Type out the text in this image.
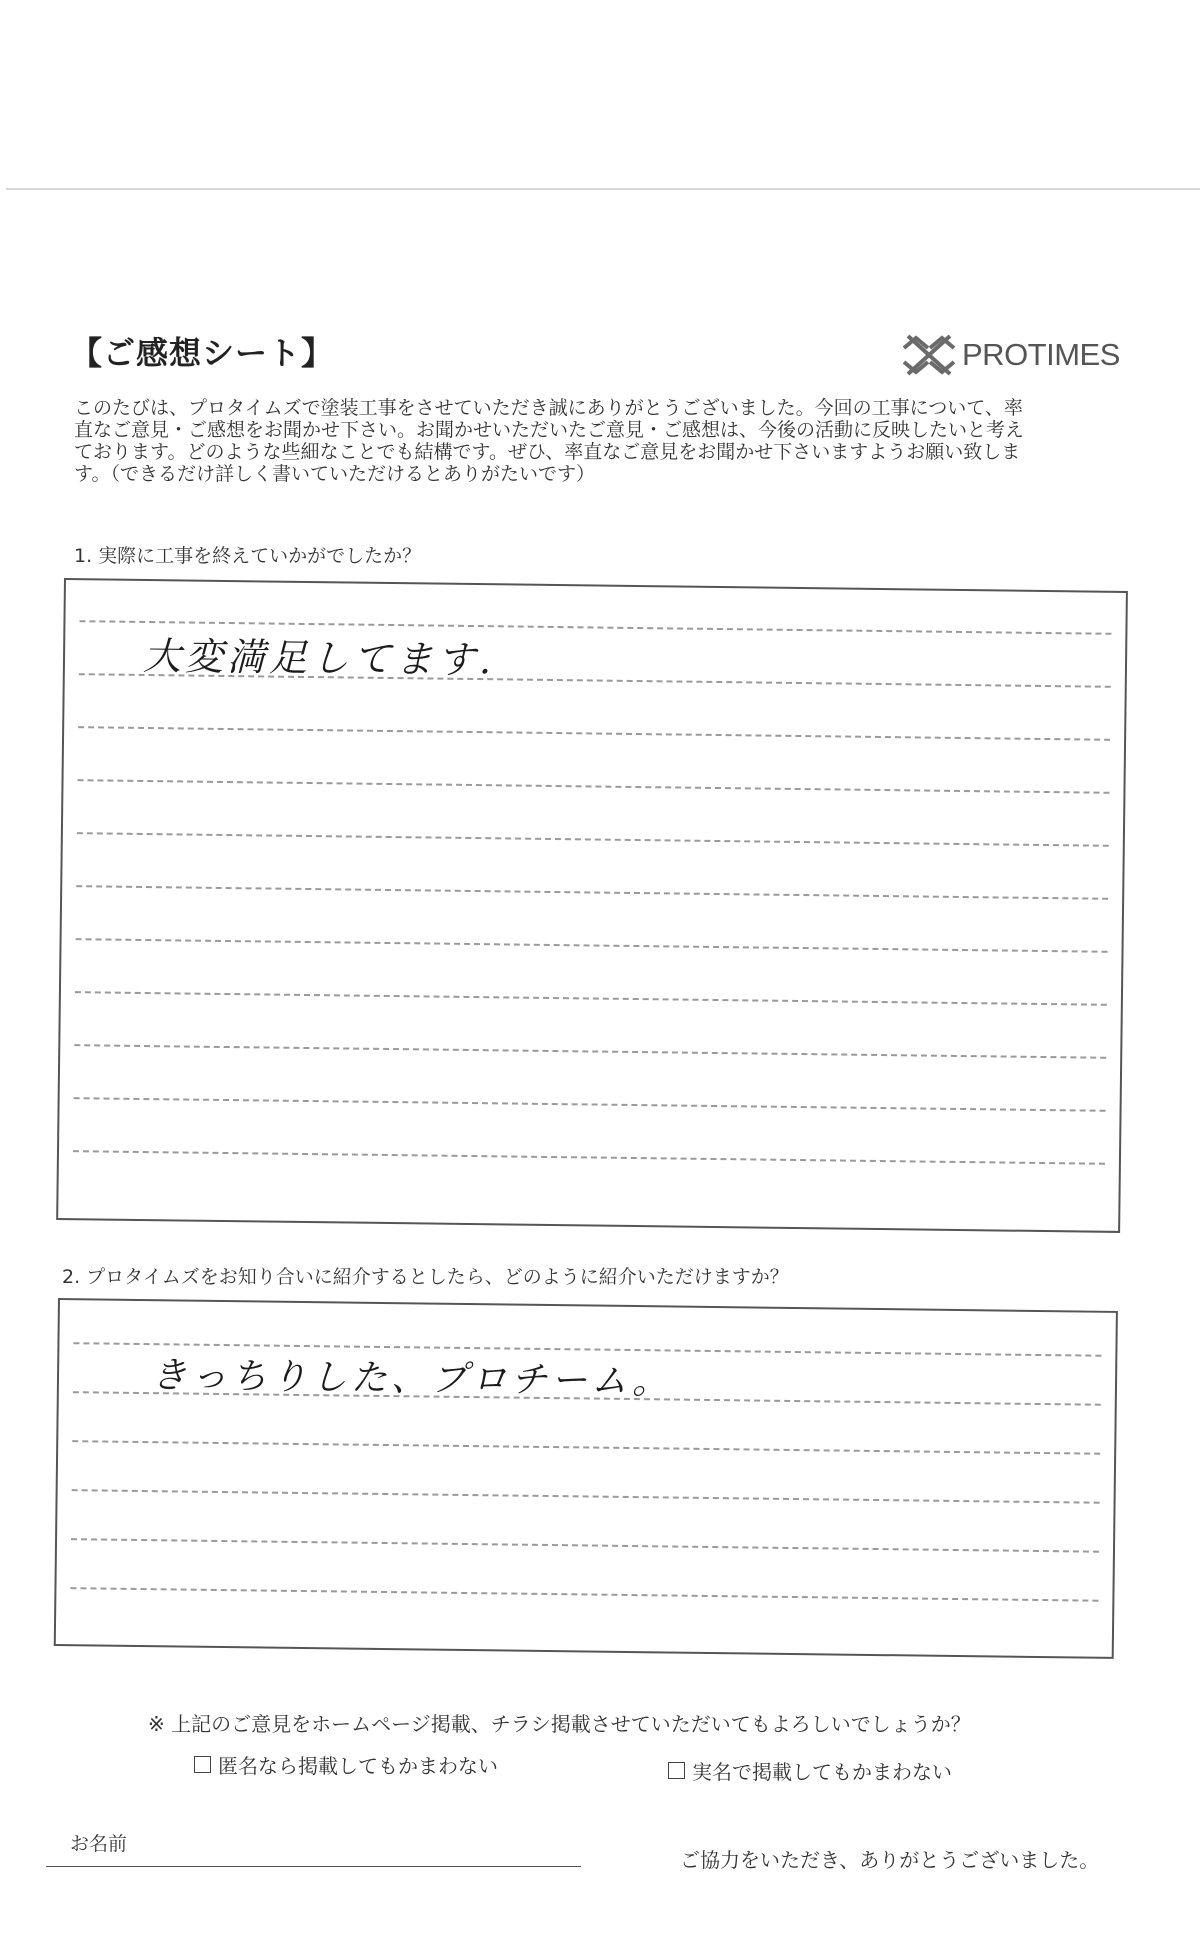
【ご感想シート】	PROTIMES
このたびは、プロタイムズで塗装工事をさせていただき誠にありがとうございました。今回の工事について、率
直なご意見・ご感想をお聞かせ下さい。お聞かせいただいたご意見・ご感想は、今後の活動に反映したいと考え
ております。どのような些細なことでも結構です。ぜひ、率直なご意見をお聞かせ下さいますようお願い致しま
す。（できるだけ詳しく書いていただけるとありがたいです）
1. 実際に工事を終えていかがでしたか？
大変満足してます.
2. プロタイムズをお知り合いに紹介するとしたら、どのように紹介いただけますか？
きっちりした、プロチーム。
※ 上記のご意見をホームページ掲載、チラシ掲載させていただいてもよろしいでしょうか？
匿名なら掲載してもかまわない	実名で掲載してもかまわない
お名前
ご協力をいただき、ありがとうございました。
